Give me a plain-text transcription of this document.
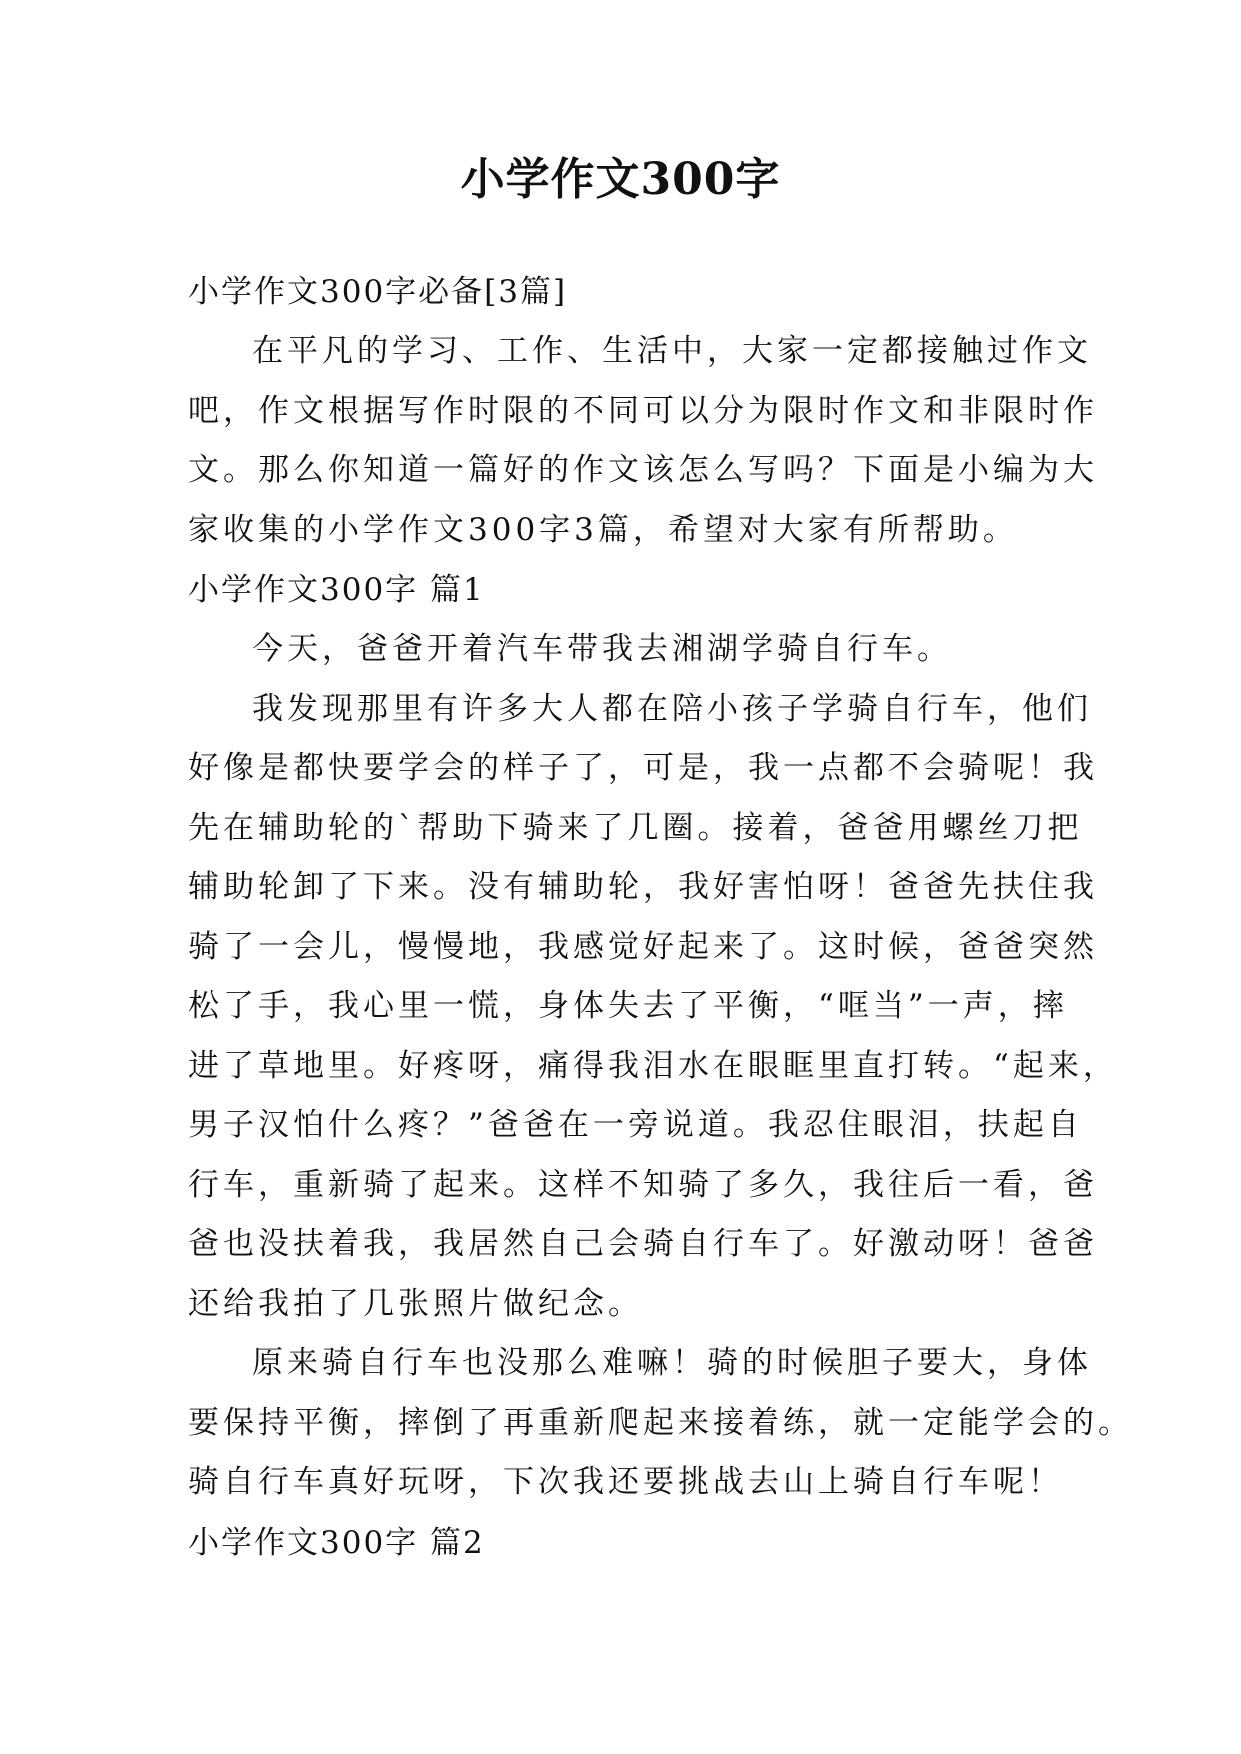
小学作文300字
小学作文300字必备[3篇]
在平凡的学习、工作、生活中，大家一定都接触过作文
吧，作文根据写作时限的不同可以分为限时作文和非限时作
文。那么你知道一篇好的作文该怎么写吗？下面是小编为大
家收集的小学作文300字3篇，希望对大家有所帮助。
小学作文300字 篇1
今天，爸爸开着汽车带我去湘湖学骑自行车。
我发现那里有许多大人都在陪小孩子学骑自行车，他们
好像是都快要学会的样子了，可是，我一点都不会骑呢！我
先在辅助轮的`帮助下骑来了几圈。接着，爸爸用螺丝刀把
辅助轮卸了下来。没有辅助轮，我好害怕呀！爸爸先扶住我
骑了一会儿，慢慢地，我感觉好起来了。这时候，爸爸突然
松了手，我心里一慌，身体失去了平衡，“哐当”一声，摔
进了草地里。好疼呀，痛得我泪水在眼眶里直打转。“起来，
男子汉怕什么疼？”爸爸在一旁说道。我忍住眼泪，扶起自
行车，重新骑了起来。这样不知骑了多久，我往后一看，爸
爸也没扶着我，我居然自己会骑自行车了。好激动呀！爸爸
还给我拍了几张照片做纪念。
原来骑自行车也没那么难嘛！骑的时候胆子要大，身体
要保持平衡，摔倒了再重新爬起来接着练，就一定能学会的。
骑自行车真好玩呀，下次我还要挑战去山上骑自行车呢！
小学作文300字 篇2
